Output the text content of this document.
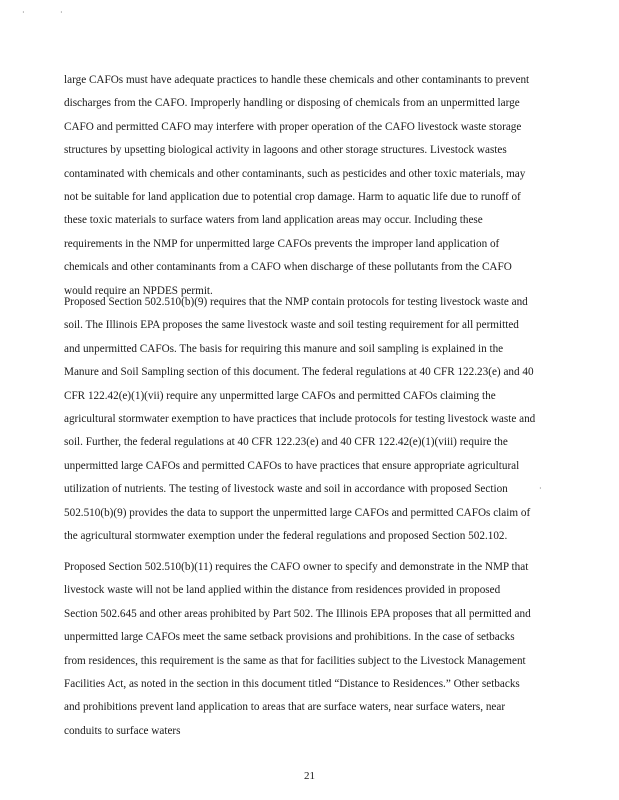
·	·
·

large CAFOs must have adequate practices to handle these chemicals and other contaminants to prevent discharges from the CAFO. Improperly handling or disposing of chemicals from an unpermitted large CAFO and permitted CAFO may interfere with proper operation of the CAFO livestock waste storage structures by upsetting biological activity in lagoons and other storage structures. Livestock wastes contaminated with chemicals and other contaminants, such as pesticides and other toxic materials, may not be suitable for land application due to potential crop damage. Harm to aquatic life due to runoff of these toxic materials to surface waters from land application areas may occur. Including these requirements in the NMP for unpermitted large CAFOs prevents the improper land application of chemicals and other contaminants from a CAFO when discharge of these pollutants from the CAFO would require an NPDES permit.

Proposed Section 502.510(b)(9) requires that the NMP contain protocols for testing livestock waste and soil. The Illinois EPA proposes the same livestock waste and soil testing requirement for all permitted and unpermitted CAFOs. The basis for requiring this manure and soil sampling is explained in the Manure and Soil Sampling section of this document. The federal regulations at 40 CFR 122.23(e) and 40 CFR 122.42(e)(1)(vii) require any unpermitted large CAFOs and permitted CAFOs claiming the agricultural stormwater exemption to have practices that include protocols for testing livestock waste and soil. Further, the federal regulations at 40 CFR 122.23(e) and 40 CFR 122.42(e)(1)(viii) require the unpermitted large CAFOs and permitted CAFOs to have practices that ensure appropriate agricultural utilization of nutrients. The testing of livestock waste and soil in accordance with proposed Section 502.510(b)(9) provides the data to support the unpermitted large CAFOs and permitted CAFOs claim of the agricultural stormwater exemption under the federal regulations and proposed Section 502.102.

Proposed Section 502.510(b)(11) requires the CAFO owner to specify and demonstrate in the NMP that livestock waste will not be land applied within the distance from residences provided in proposed Section 502.645 and other areas prohibited by Part 502. The Illinois EPA proposes that all permitted and unpermitted large CAFOs meet the same setback provisions and prohibitions. In the case of setbacks from residences, this requirement is the same as that for facilities subject to the Livestock Management Facilities Act, as noted in the section in this document titled “Distance to Residences.” Other setbacks and prohibitions prevent land application to areas that are surface waters, near surface waters, near conduits to surface waters

21
